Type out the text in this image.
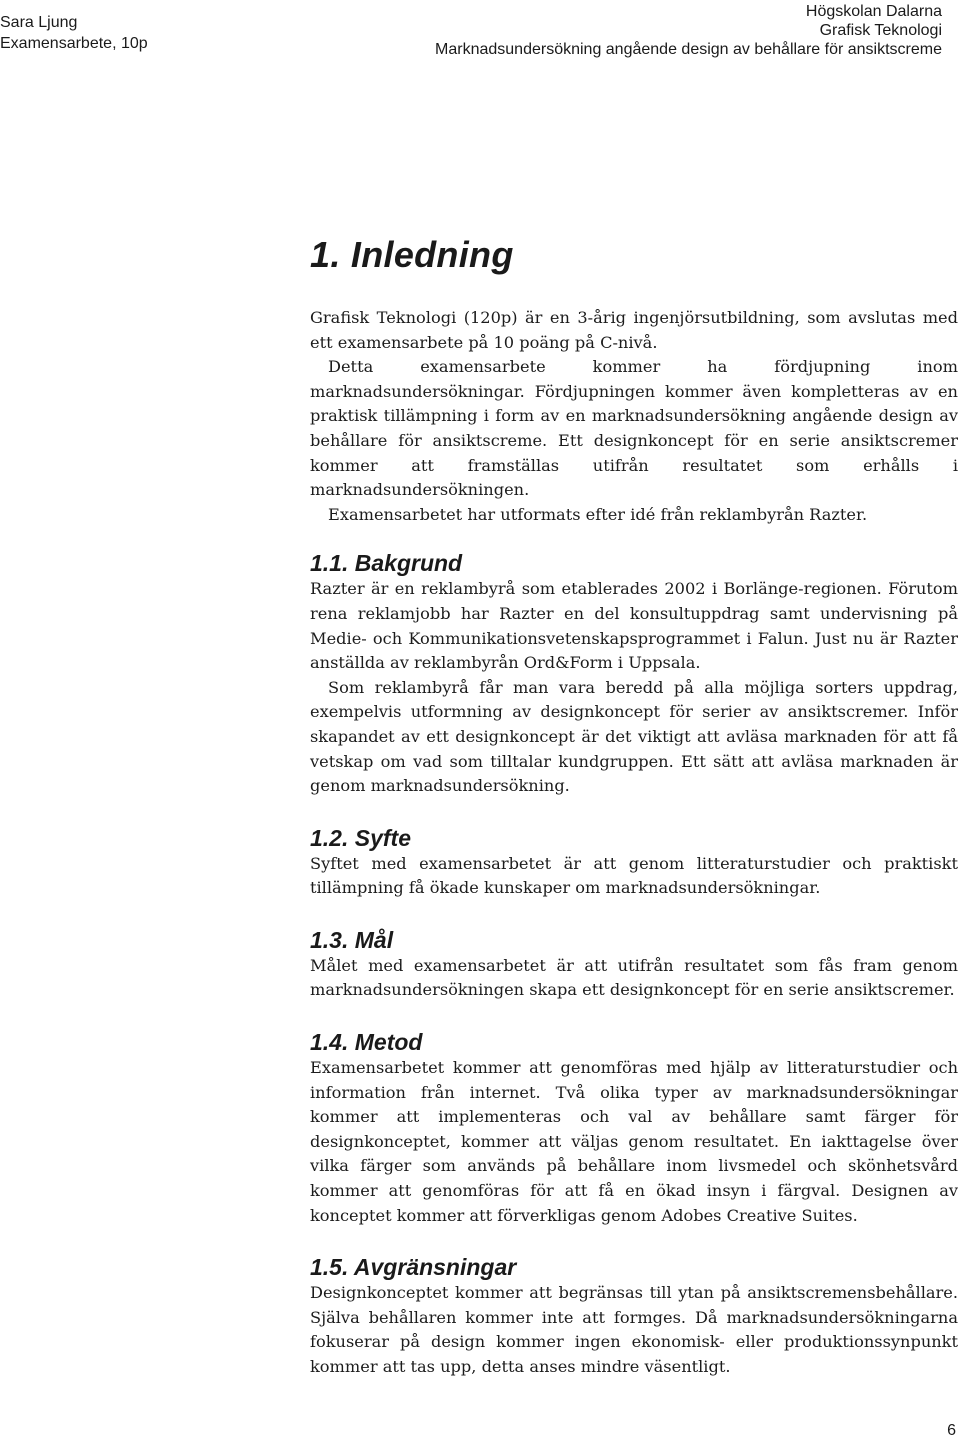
Sara Ljung
Examensarbete, 10p
Högskolan Dalarna
Grafisk Teknologi
Marknadsundersökning angående design av behållare för ansiktscreme
1. Inledning

Grafisk Teknologi (120p) är en 3-årig ingenjörsutbildning, som avslutas med ett examensarbete på 10 poäng på C-nivå.

Detta examensarbete kommer ha fördjupning inom marknadsundersökningar. Fördjupningen kommer även kompletteras av en praktisk tillämpning i form av en marknadsundersökning angående design av behållare för ansiktscreme. Ett designkoncept för en serie ansiktscremer kommer att framställas utifrån resultatet som erhålls i marknadsundersökningen.

Examensarbetet har utformats efter idé från reklambyrån Razter.

1.1. Bakgrund

Razter är en reklambyrå som etablerades 2002 i Borlänge-regionen. Förutom rena reklamjobb har Razter en del konsultuppdrag samt undervisning på Medie- och Kommunikationsvetenskapsprogrammet i Falun. Just nu är Razter anställda av reklambyrån Ord&Form i Uppsala.

Som reklambyrå får man vara beredd på alla möjliga sorters uppdrag, exempelvis utformning av designkoncept för serier av ansiktscremer. Inför skapandet av ett designkoncept är det viktigt att avläsa marknaden för att få vetskap om vad som tilltalar kundgruppen. Ett sätt att avläsa marknaden är genom marknadsundersökning.

1.2. Syfte

Syftet med examensarbetet är att genom litteraturstudier och praktiskt tillämpning få ökade kunskaper om marknadsundersökningar.

1.3. Mål

Målet med examensarbetet är att utifrån resultatet som fås fram genom marknadsundersökningen skapa ett designkoncept för en serie ansiktscremer.

1.4. Metod

Examensarbetet kommer att genomföras med hjälp av litteraturstudier och information från internet. Två olika typer av marknadsundersökningar kommer att implementeras och val av behållare samt färger för designkonceptet, kommer att väljas genom resultatet. En iakttagelse över vilka färger som används på behållare inom livsmedel och skönhetsvård kommer att genomföras för att få en ökad insyn i färgval. Designen av konceptet kommer att förverkligas genom Adobes Creative Suites.

1.5. Avgränsningar

Designkonceptet kommer att begränsas till ytan på ansiktscremensbehållare. Själva behållaren kommer inte att formges. Då marknadsundersökningarna fokuserar på design kommer ingen ekonomisk- eller produktionssynpunkt kommer att tas upp, detta anses mindre väsentligt.

6
